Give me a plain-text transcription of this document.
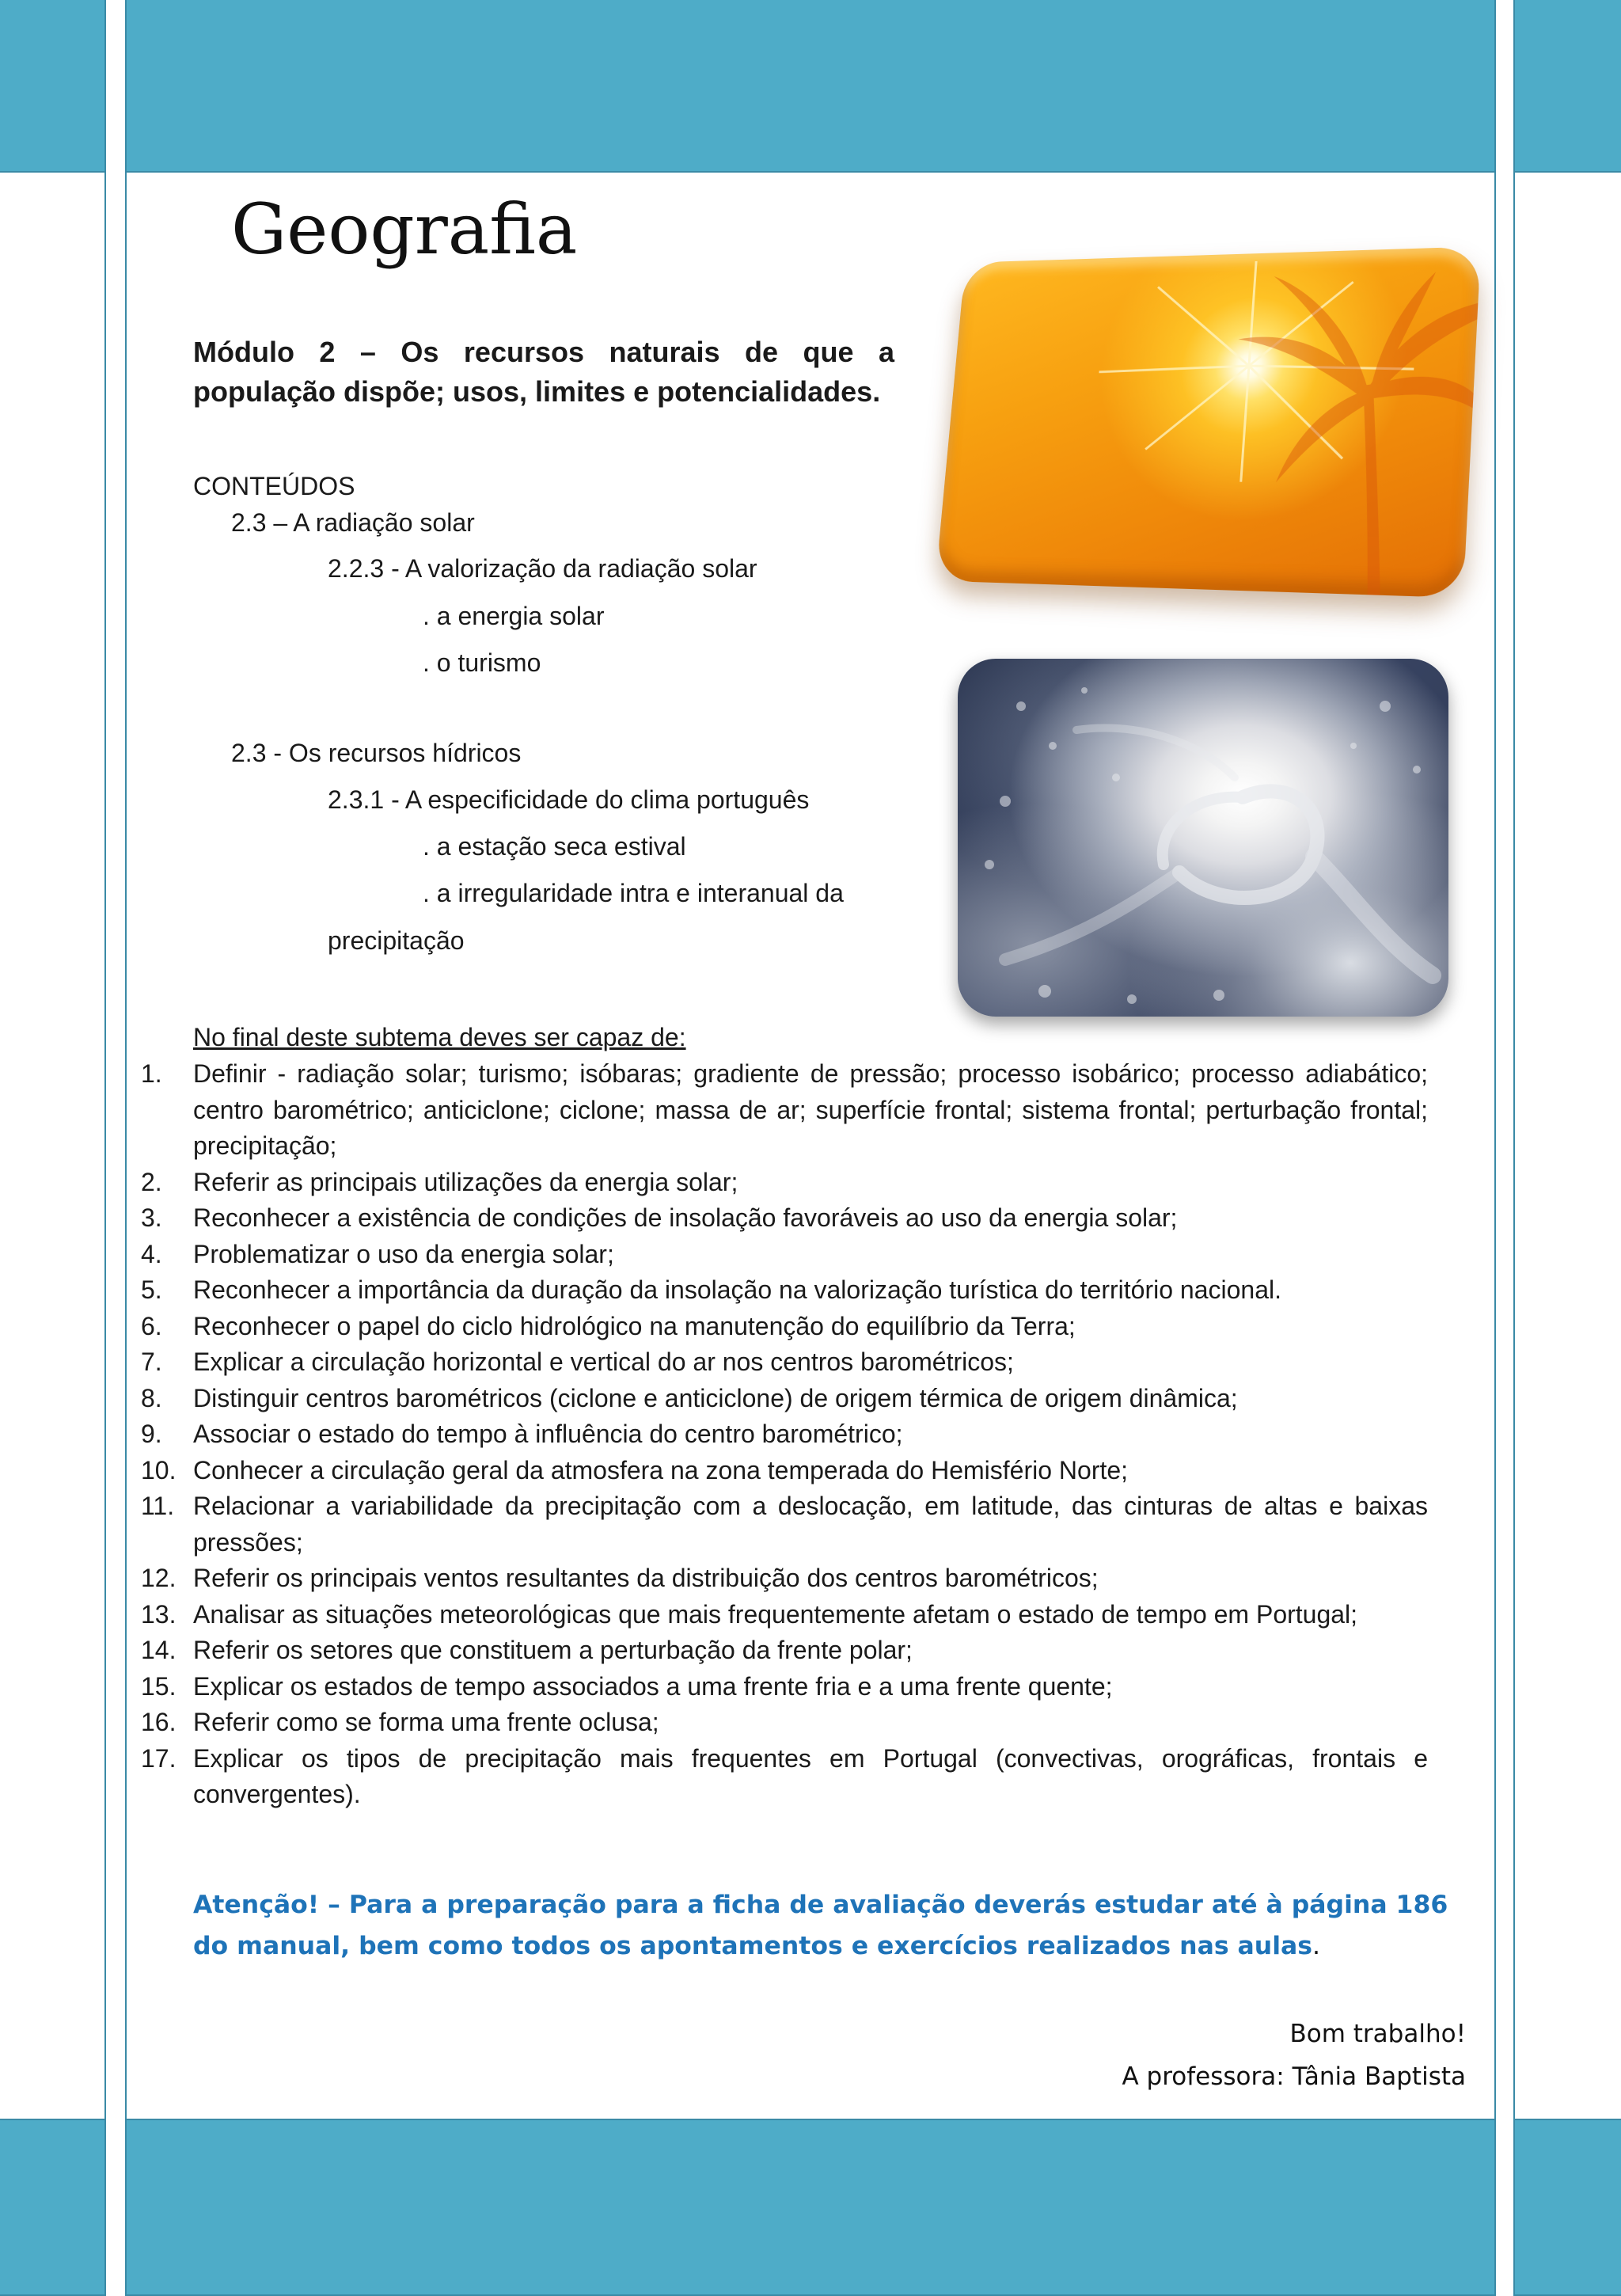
Geografia
Módulo 2 – Os recursos naturais de que a população dispõe; usos, limites e potencialidades.
CONTEÚDOS
2.3 – A radiação solar
2.2.3 - A valorização da radiação solar
. a energia solar
. o turismo
2.3 - Os recursos hídricos
2.3.1 - A especificidade do clima português
. a estação seca estival
. a irregularidade intra e interanual da
precipitação
No final deste subtema deves ser capaz de:
1. Definir - radiação solar; turismo; isóbaras; gradiente de pressão; processo isobárico; processo adiabático; centro barométrico; anticiclone; ciclone; massa de ar; superfície frontal; sistema frontal; perturbação frontal; precipitação;
2. Referir as principais utilizações da energia solar;
3. Reconhecer a existência de condições de insolação favoráveis ao uso da energia solar;
4. Problematizar o uso da energia solar;
5. Reconhecer a importância da duração da insolação na valorização turística do território nacional.
6. Reconhecer o papel do ciclo hidrológico na manutenção do equilíbrio da Terra;
7. Explicar a circulação horizontal e vertical do ar nos centros barométricos;
8. Distinguir centros barométricos (ciclone e anticiclone) de origem térmica de origem dinâmica;
9. Associar o estado do tempo à influência do centro barométrico;
10. Conhecer a circulação geral da atmosfera na zona temperada do Hemisfério Norte;
11. Relacionar a variabilidade da precipitação com a deslocação, em latitude, das cinturas de altas e baixas pressões;
12. Referir os principais ventos resultantes da distribuição dos centros barométricos;
13. Analisar as situações meteorológicas que mais frequentemente afetam o estado de tempo em Portugal;
14. Referir os setores que constituem a perturbação da frente polar;
15. Explicar os estados de tempo associados a uma frente fria e a uma frente quente;
16. Referir como se forma uma frente oclusa;
17. Explicar os tipos de precipitação mais frequentes em Portugal (convectivas, orográficas, frontais e convergentes).
Atenção! – Para a preparação para a ficha de avaliação deverás estudar até à página 186 do manual, bem como todos os apontamentos e exercícios realizados nas aulas.
Bom trabalho!
A professora: Tânia Baptista
